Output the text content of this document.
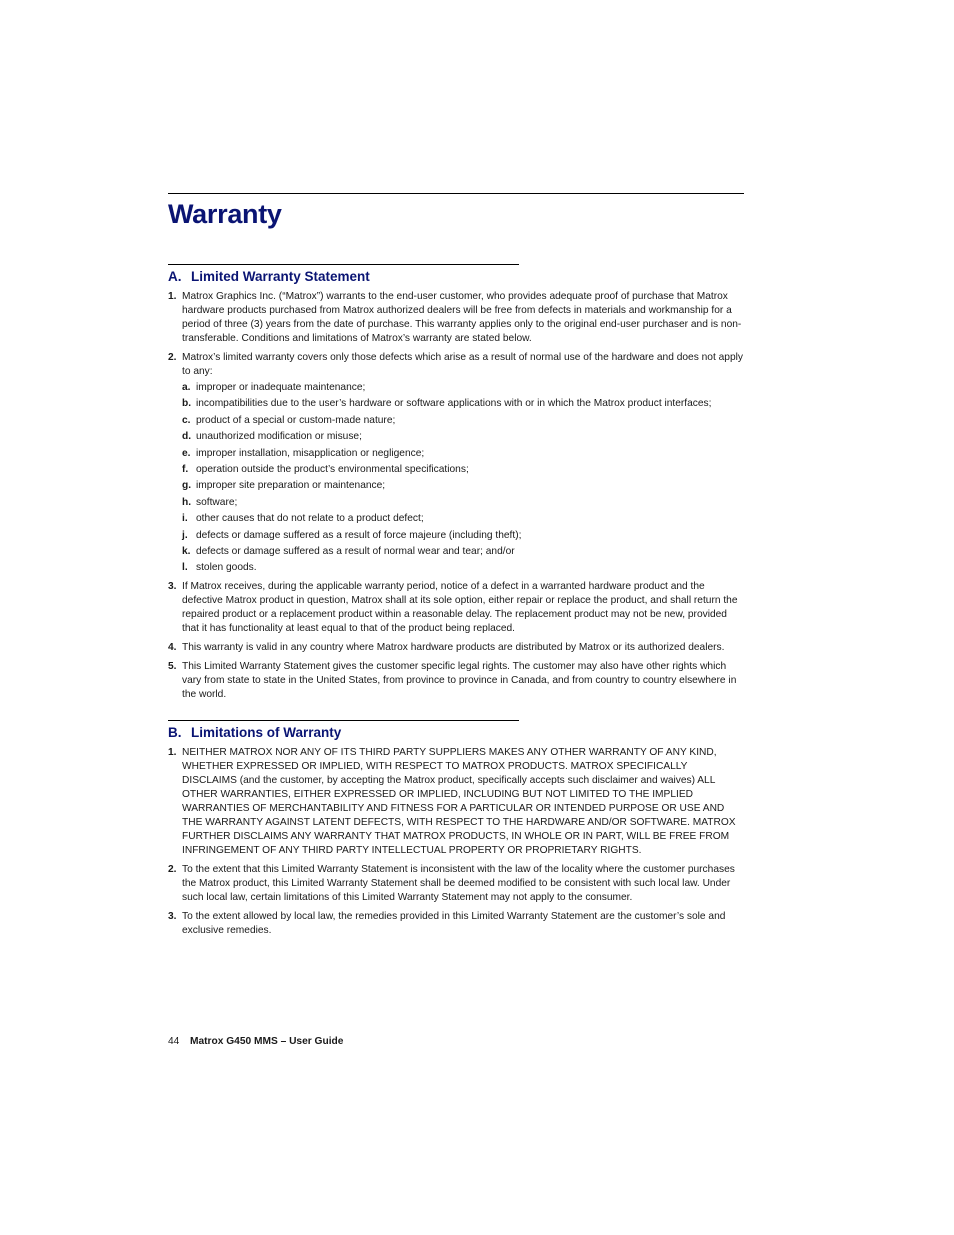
Warranty
A. Limited Warranty Statement
1. Matrox Graphics Inc. (“Matrox”) warrants to the end-user customer, who provides adequate proof of purchase that Matrox hardware products purchased from Matrox authorized dealers will be free from defects in materials and workmanship for a period of three (3) years from the date of purchase. This warranty applies only to the original end-user purchaser and is non-transferable. Conditions and limitations of Matrox’s warranty are stated below.
2. Matrox’s limited warranty covers only those defects which arise as a result of normal use of the hardware and does not apply to any:
a. improper or inadequate maintenance;
b. incompatibilities due to the user’s hardware or software applications with or in which the Matrox product interfaces;
c. product of a special or custom-made nature;
d. unauthorized modification or misuse;
e. improper installation, misapplication or negligence;
f. operation outside the product’s environmental specifications;
g. improper site preparation or maintenance;
h. software;
i. other causes that do not relate to a product defect;
j. defects or damage suffered as a result of force majeure (including theft);
k. defects or damage suffered as a result of normal wear and tear; and/or
l. stolen goods.
3. If Matrox receives, during the applicable warranty period, notice of a defect in a warranted hardware product and the defective Matrox product in question, Matrox shall at its sole option, either repair or replace the product, and shall return the repaired product or a replacement product within a reasonable delay. The replacement product may not be new, provided that it has functionality at least equal to that of the product being replaced.
4. This warranty is valid in any country where Matrox hardware products are distributed by Matrox or its authorized dealers.
5. This Limited Warranty Statement gives the customer specific legal rights. The customer may also have other rights which vary from state to state in the United States, from province to province in Canada, and from country to country elsewhere in the world.
B. Limitations of Warranty
1. NEITHER MATROX NOR ANY OF ITS THIRD PARTY SUPPLIERS MAKES ANY OTHER WARRANTY OF ANY KIND, WHETHER EXPRESSED OR IMPLIED, WITH RESPECT TO MATROX PRODUCTS. MATROX SPECIFICALLY DISCLAIMS (and the customer, by accepting the Matrox product, specifically accepts such disclaimer and waives) ALL OTHER WARRANTIES, EITHER EXPRESSED OR IMPLIED, INCLUDING BUT NOT LIMITED TO THE IMPLIED WARRANTIES OF MERCHANTABILITY AND FITNESS FOR A PARTICULAR OR INTENDED PURPOSE OR USE AND THE WARRANTY AGAINST LATENT DEFECTS, WITH RESPECT TO THE HARDWARE AND/OR SOFTWARE. MATROX FURTHER DISCLAIMS ANY WARRANTY THAT MATROX PRODUCTS, IN WHOLE OR IN PART, WILL BE FREE FROM INFRINGEMENT OF ANY THIRD PARTY INTELLECTUAL PROPERTY OR PROPRIETARY RIGHTS.
2. To the extent that this Limited Warranty Statement is inconsistent with the law of the locality where the customer purchases the Matrox product, this Limited Warranty Statement shall be deemed modified to be consistent with such local law. Under such local law, certain limitations of this Limited Warranty Statement may not apply to the consumer.
3. To the extent allowed by local law, the remedies provided in this Limited Warranty Statement are the customer’s sole and exclusive remedies.
44 Matrox G450 MMS – User Guide
